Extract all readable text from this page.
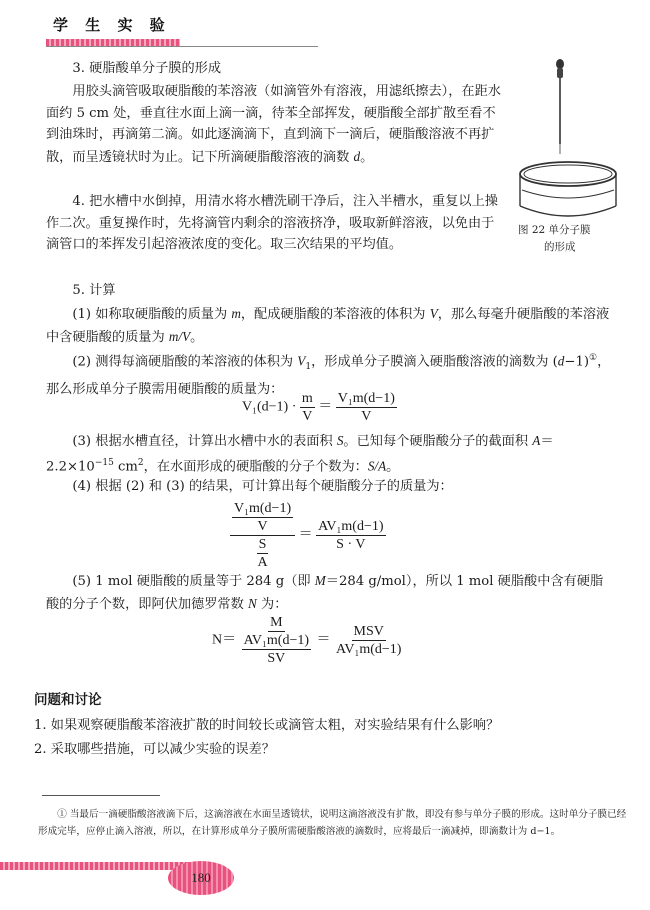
学 生 实 验

3. 硬脂酸单分子膜的形成

用胶头滴管吸取硬脂酸的苯溶液（如滴管外有溶液，用滤纸擦去），在距水面约 5 cm 处，垂直往水面上滴一滴，待苯全部挥发，硬脂酸全部扩散至看不到油珠时，再滴第二滴。如此逐滴滴下，直到滴下一滴后，硬脂酸溶液不再扩散，而呈透镜状时为止。记下所滴硬脂酸溶液的滴数 d。

4. 把水槽中水倒掉，用清水将水槽洗刷干净后，注入半槽水，重复以上操作二次。重复操作时，先将滴管内剩余的溶液挤净，吸取新鲜溶液，以免由于滴管口的苯挥发引起溶液浓度的变化。取三次结果的平均值。

5. 计算

(1) 如称取硬脂酸的质量为 m，配成硬脂酸的苯溶液的体积为 V，那么每毫升硬脂酸的苯溶液中含硬脂酸的质量为 m/V。

(2) 测得每滴硬脂酸的苯溶液的体积为 $V_1$，形成单分子膜滴入硬脂酸溶液的滴数为 (d−1)①，那么形成单分子膜需用硬脂酸的质量为：

$V_1(d-1) \cdot \frac{m}{V} = \frac{\text{V₁m(d−1)}}{V}$

(3) 根据水槽直径，计算出水槽中水的表面积 S。已知每个硬脂酸分子的截面积 $A=2.2\times 10^{-15}$ $cm^2$，在水面形成的硬脂酸的分子个数为：S/A。

(4) 根据 (2) 和 (3) 的结果，可计算出每个硬脂酸分子的质量为：

$\frac{\frac{\text{V₁m(d−1)}}{V}}{\frac{S}{A}} = \frac{\text{AV₁m(d−1)}}{S \cdot V}$

(5) 1 mol 硬脂酸的质量等于 284 g（即 M＝284 g/mol），所以 1 mol 硬脂酸中含有硬脂酸的分子个数，即阿伏加德罗常数 N 为：

$N= \frac{M}{\frac{\text{AV₁m(d−1)}}{SV}} = \frac{\text{MSV}}{\text{AV₁m(d−1)}}$
图 22 单分子膜
的形成
问题和讨论
1. 如果观察硬脂酸苯溶液扩散的时间较长或滴管太粗，对实验结果有什么影响？
2. 采取哪些措施，可以减少实验的误差？
① 当最后一滴硬脂酸溶液滴下后，这滴溶液在水面呈透镜状，说明这滴溶液没有扩散，即没有参与单分子膜的形成。这时单分子膜已经形成完毕，应停止滴入溶液，所以，在计算形成单分子膜所需硬脂酸溶液的滴数时，应将最后一滴减掉，即滴数计为 d−1。
180
